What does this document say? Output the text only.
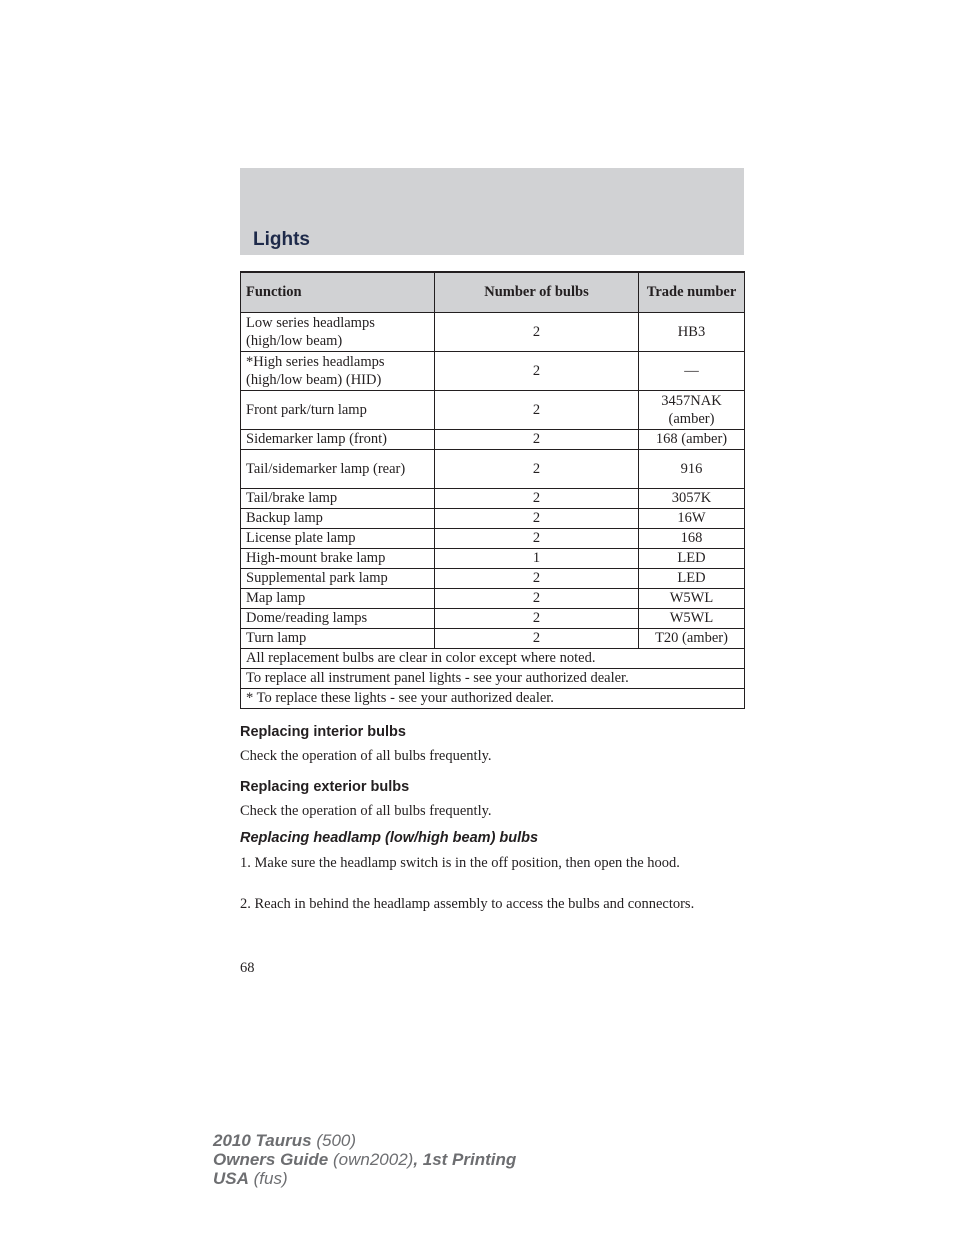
Lights
Function	Number of bulbs	Trade number
Low series headlamps (high/low beam)	2	HB3
*High series headlamps (high/low beam) (HID)	2	—
Front park/turn lamp	2	3457NAK (amber)
Sidemarker lamp (front)	2	168 (amber)
Tail/sidemarker lamp (rear)	2	916
Tail/brake lamp	2	3057K
Backup lamp	2	16W
License plate lamp	2	168
High-mount brake lamp	1	LED
Supplemental park lamp	2	LED
Map lamp	2	W5WL
Dome/reading lamps	2	W5WL
Turn lamp	2	T20 (amber)
All replacement bulbs are clear in color except where noted.		
To replace all instrument panel lights - see your authorized dealer.		
* To replace these lights - see your authorized dealer.		
Replacing interior bulbs
Check the operation of all bulbs frequently.
Replacing exterior bulbs
Check the operation of all bulbs frequently.
Replacing headlamp (low/high beam) bulbs
1. Make sure the headlamp switch is in the off position, then open the hood.
2. Reach in behind the headlamp assembly to access the bulbs and connectors.
68
2010 Taurus (500)
Owners Guide (own2002), 1st Printing
USA (fus)
